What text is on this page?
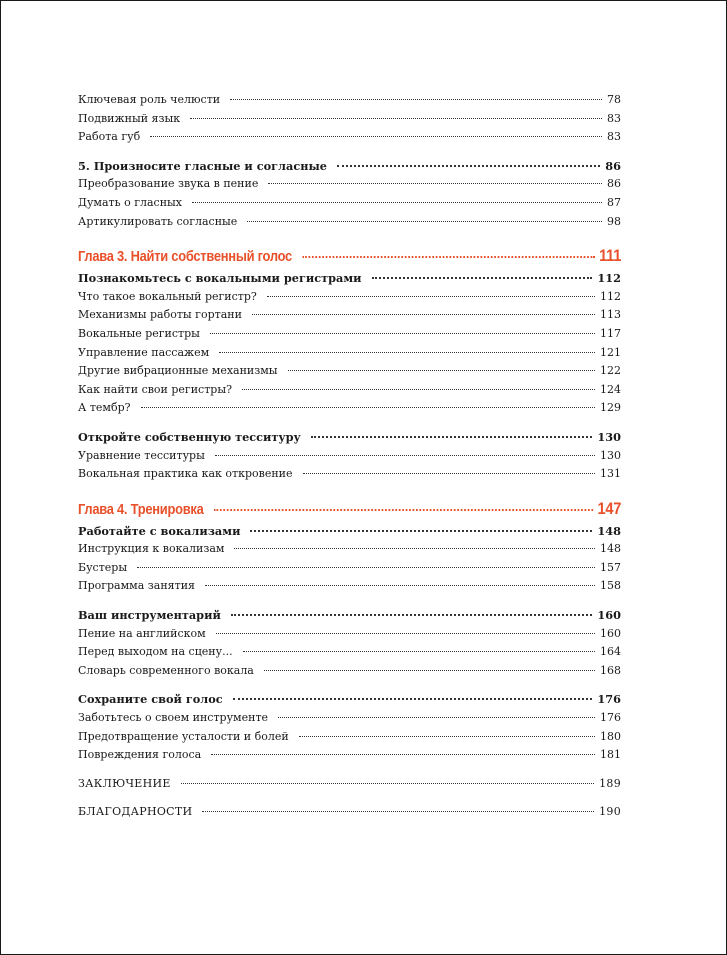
Ключевая роль челюсти	78
Подвижный язык	83
Работа губ	83
5. Произносите гласные и согласные	86
Преобразование звука в пение	86
Думать о гласных	87
Артикулировать согласные	98
Глава 3. Найти собственный голос	111
Познакомьтесь с вокальными регистрами	112
Что такое вокальный регистр?	112
Механизмы работы гортани	113
Вокальные регистры	117
Управление пассажем	121
Другие вибрационные механизмы	122
Как найти свои регистры?	124
А тембр?	129
Откройте собственную тесситуру	130
Уравнение тесситуры	130
Вокальная практика как откровение	131
Глава 4. Тренировка	147
Работайте с вокализами	148
Инструкция к вокализам	148
Бустеры	157
Программа занятия	158
Ваш инструментарий	160
Пение на английском	160
Перед выходом на сцену...	164
Словарь современного вокала	168
Сохраните свой голос	176
Заботьтесь о своем инструменте	176
Предотвращение усталости и болей	180
Повреждения голоса	181
ЗАКЛЮЧЕНИЕ	189
БЛАГОДАРНОСТИ	190
